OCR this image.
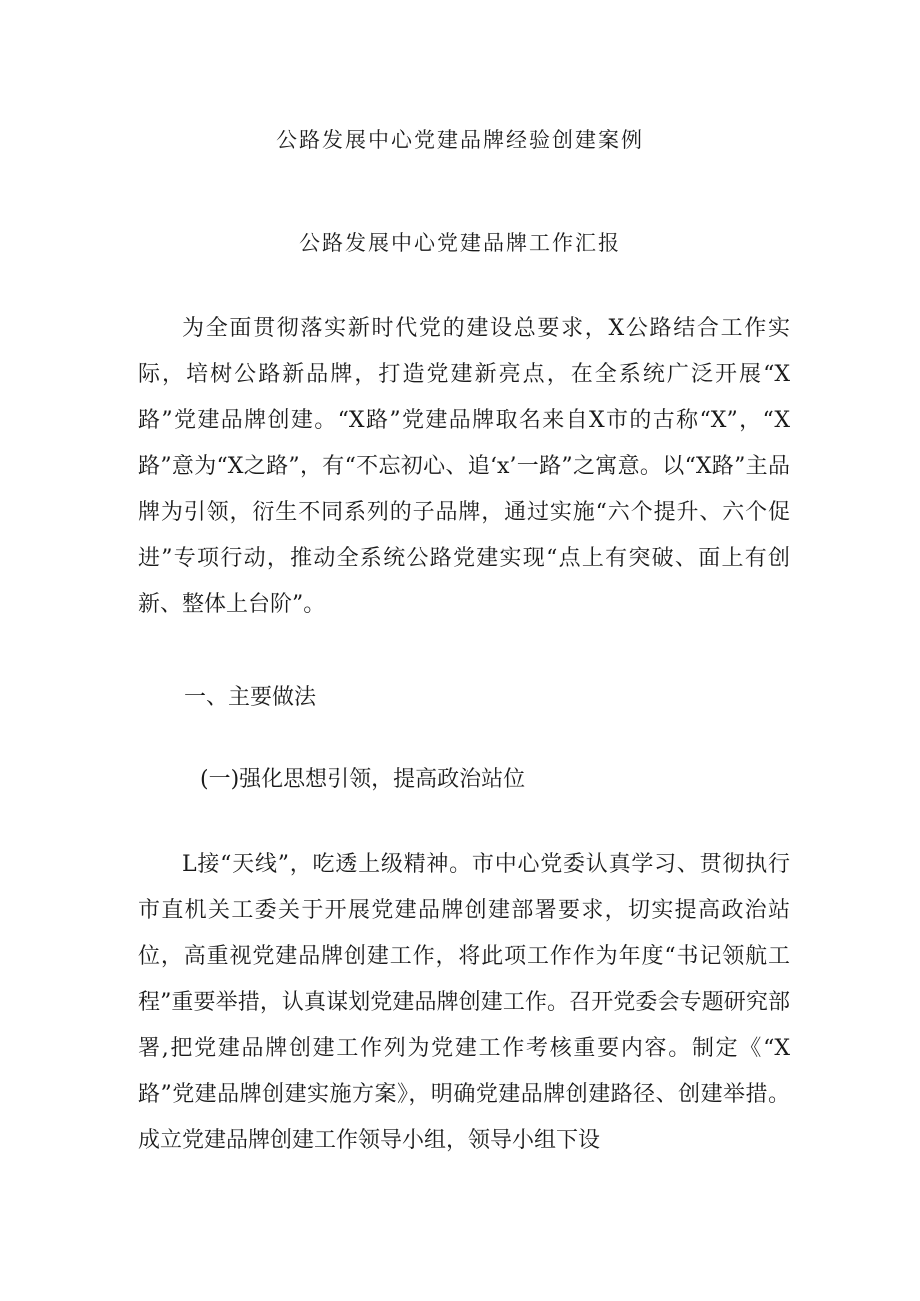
公路发展中心党建品牌经验创建案例
公路发展中心党建品牌工作汇报

为全面贯彻落实新时代党的建设总要求，X公路结合工作实际，培树公路新品牌，打造党建新亮点，在全系统广泛开展“X路”党建品牌创建。“X路”党建品牌取名来自X市的古称“X”，“X路”意为“X之路”，有“不忘初心、追‘x’一路”之寓意。以“X路”主品牌为引领，衍生不同系列的子品牌，通过实施“六个提升、六个促进”专项行动，推动全系统公路党建实现“点上有突破、面上有创新、整体上台阶”。

一、主要做法
(一)强化思想引领，提高政治站位

L接“天线”，吃透上级精神。市中心党委认真学习、贯彻执行市直机关工委关于开展党建品牌创建部署要求，切实提高政治站位，高重视党建品牌创建工作，将此项工作作为年度“书记领航工程”重要举措，认真谋划党建品牌创建工作。召开党委会专题研究部署,把党建品牌创建工作列为党建工作考核重要内容。制定《“X路”党建品牌创建实施方案》，明确党建品牌创建路径、创建举措。成立党建品牌创建工作领导小组，领导小组下设
